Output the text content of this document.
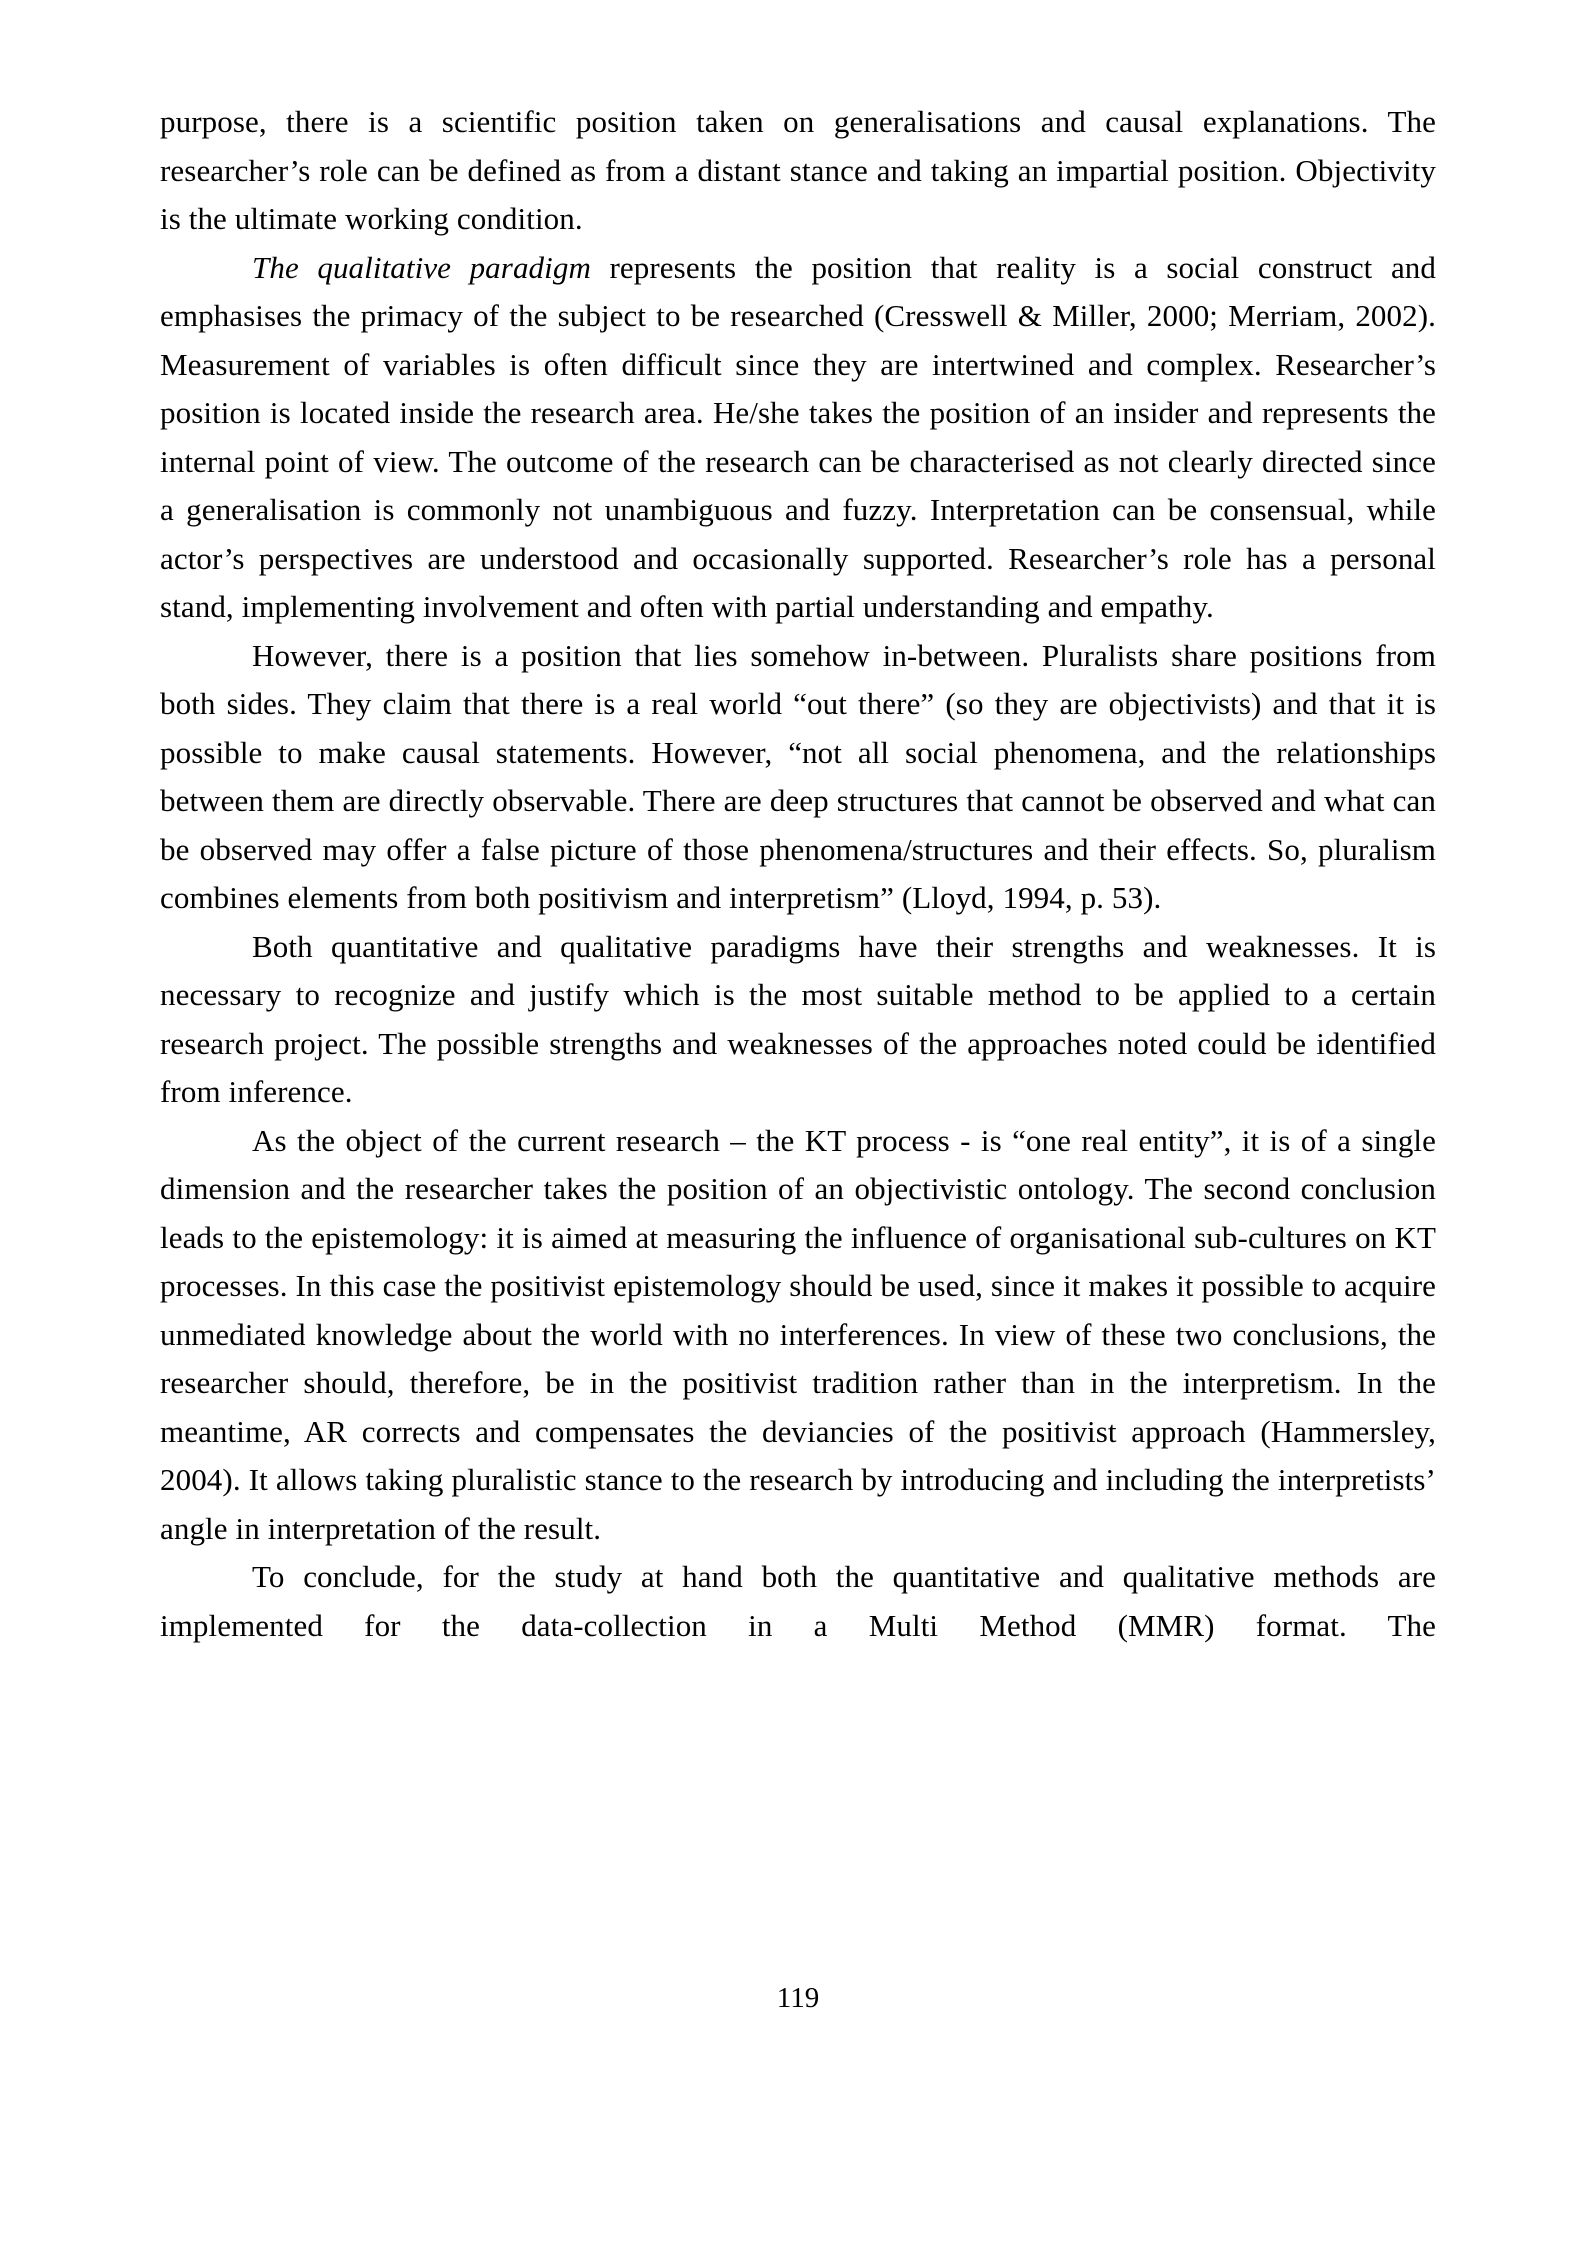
purpose, there is a scientific position taken on generalisations and causal explanations. The researcher’s role can be defined as from a distant stance and taking an impartial position. Objectivity is the ultimate working condition.

The qualitative paradigm represents the position that reality is a social construct and emphasises the primacy of the subject to be researched (Cresswell & Miller, 2000; Merriam, 2002). Measurement of variables is often difficult since they are intertwined and complex. Researcher’s position is located inside the research area. He/she takes the position of an insider and represents the internal point of view. The outcome of the research can be characterised as not clearly directed since a generalisation is commonly not unambiguous and fuzzy. Interpretation can be consensual, while actor’s perspectives are understood and occasionally supported. Researcher’s role has a personal stand, implementing involvement and often with partial understanding and empathy.

However, there is a position that lies somehow in-between. Pluralists share positions from both sides. They claim that there is a real world “out there” (so they are objectivists) and that it is possible to make causal statements. However, “not all social phenomena, and the relationships between them are directly observable. There are deep structures that cannot be observed and what can be observed may offer a false picture of those phenomena/structures and their effects. So, pluralism combines elements from both positivism and interpretism” (Lloyd, 1994, p. 53).

Both quantitative and qualitative paradigms have their strengths and weaknesses. It is necessary to recognize and justify which is the most suitable method to be applied to a certain research project. The possible strengths and weaknesses of the approaches noted could be identified from inference.

As the object of the current research – the KT process - is “one real entity”, it is of a single dimension and the researcher takes the position of an objectivistic ontology. The second conclusion leads to the epistemology: it is aimed at measuring the influence of organisational sub-cultures on KT processes. In this case the positivist epistemology should be used, since it makes it possible to acquire unmediated knowledge about the world with no interferences. In view of these two conclusions, the researcher should, therefore, be in the positivist tradition rather than in the interpretism. In the meantime, AR corrects and compensates the deviancies of the positivist approach (Hammersley, 2004). It allows taking pluralistic stance to the research by introducing and including the interpretists’ angle in interpretation of the result.

To conclude, for the study at hand both the quantitative and qualitative methods are implemented for the data-collection in a Multi Method (MMR) format. The

119
